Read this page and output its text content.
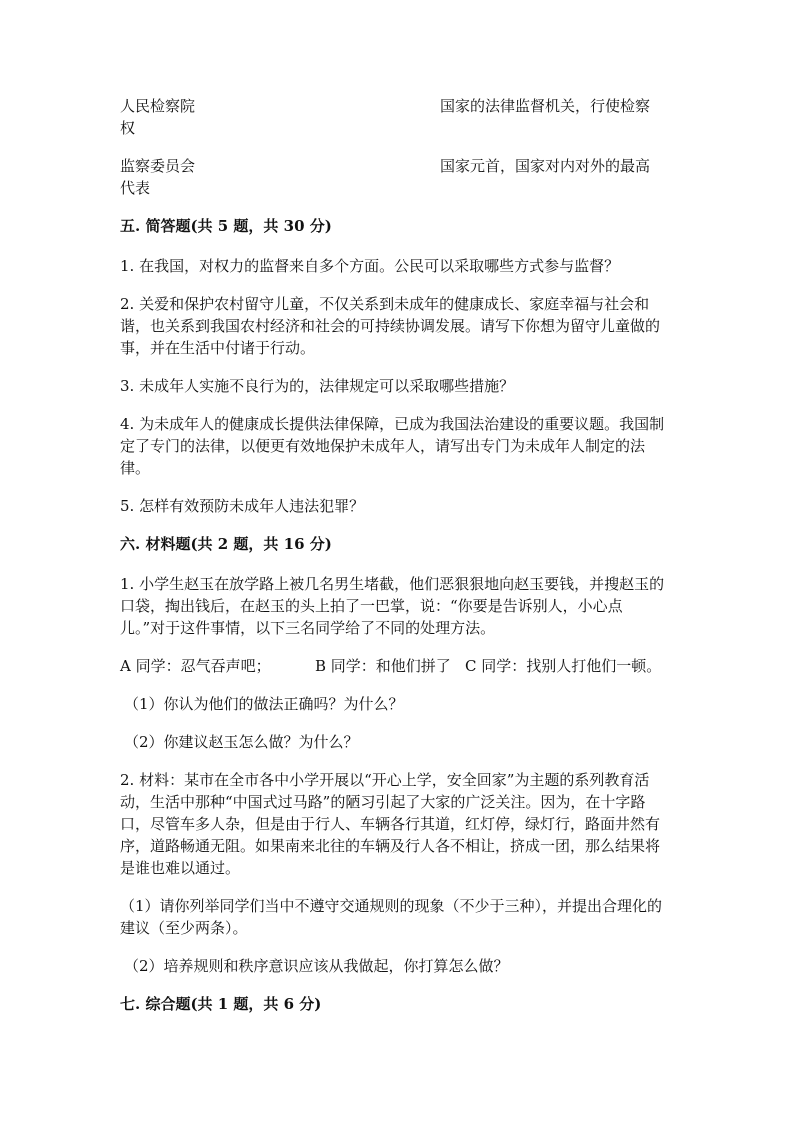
人民检察院	国家的法律监督机关，行使检察
权
监察委员会	国家元首，国家对内对外的最高
代表
五. 简答题(共 5 题，共 30 分)

1. 在我国，对权力的监督来自多个方面。公民可以采取哪些方式参与监督？

2. 关爱和保护农村留守儿童，不仅关系到未成年的健康成长、家庭幸福与社会和谐，也关系到我国农村经济和社会的可持续协调发展。请写下你想为留守儿童做的事，并在生活中付诸于行动。

3. 未成年人实施不良行为的，法律规定可以采取哪些措施？

4. 为未成年人的健康成长提供法律保障，已成为我国法治建设的重要议题。我国制定了专门的法律，以便更有效地保护未成年人，请写出专门为未成年人制定的法律。

5. 怎样有效预防未成年人违法犯罪？

六. 材料题(共 2 题，共 16 分)

1. 小学生赵玉在放学路上被几名男生堵截，他们恶狠狠地向赵玉要钱，并搜赵玉的口袋，掏出钱后，在赵玉的头上拍了一巴掌，说：“你要是告诉别人，小心点儿。”对于这件事情，以下三名同学给了不同的处理方法。

A 同学：忍气吞声吧；	B 同学：和他们拼了 C 同学：找别人打他们一顿。

（1）你认为他们的做法正确吗？为什么？

（2）你建议赵玉怎么做？为什么？

2. 材料：某市在全市各中小学开展以“开心上学，安全回家”为主题的系列教育活动，生活中那种“中国式过马路”的陋习引起了大家的广泛关注。因为，在十字路口，尽管车多人杂，但是由于行人、车辆各行其道，红灯停，绿灯行，路面井然有序，道路畅通无阻。如果南来北往的车辆及行人各不相让，挤成一团，那么结果将是谁也难以通过。

（1）请你列举同学们当中不遵守交通规则的现象（不少于三种），并提出合理化的建议（至少两条）。

（2）培养规则和秩序意识应该从我做起，你打算怎么做？

七. 综合题(共 1 题，共 6 分)
